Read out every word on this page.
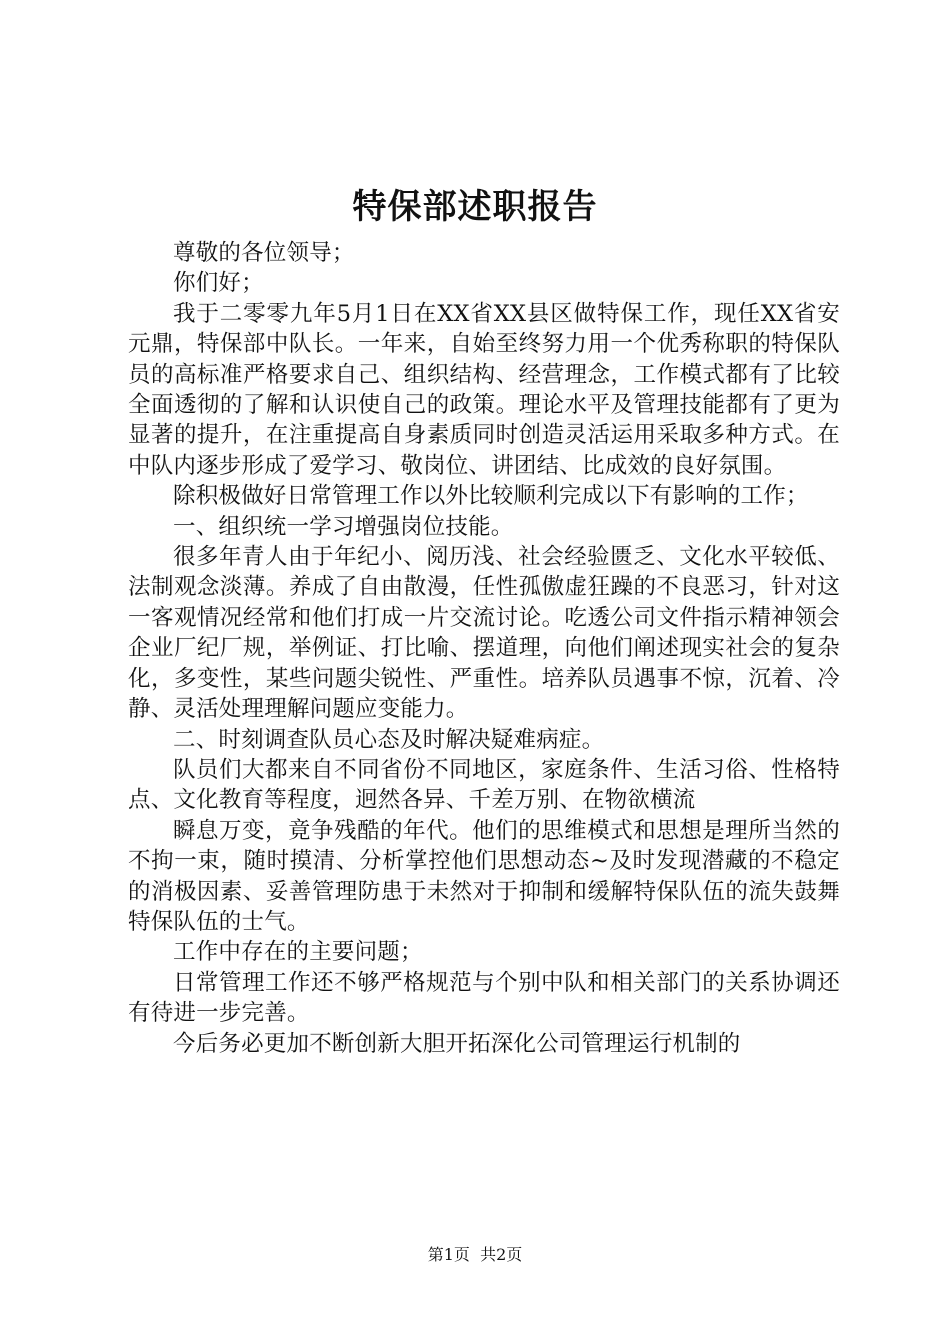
特保部述职报告

尊敬的各位领导；

你们好；

我于二零零九年5月1日在XX省XX县区做特保工作，现任XX省安元鼎，特保部中队长。一年来，自始至终努力用一个优秀称职的特保队员的高标准严格要求自己、组织结构、经营理念，工作模式都有了比较全面透彻的了解和认识使自己的政策。理论水平及管理技能都有了更为显著的提升，在注重提高自身素质同时创造灵活运用采取多种方式。在中队内逐步形成了爱学习、敬岗位、讲团结、比成效的良好氛围。

除积极做好日常管理工作以外比较顺利完成以下有影响的工作；

一、组织统一学习增强岗位技能。

很多年青人由于年纪小、阅历浅、社会经验匮乏、文化水平较低、法制观念淡薄。养成了自由散漫，任性孤傲虚狂躁的不良恶习，针对这一客观情况经常和他们打成一片交流讨论。吃透公司文件指示精神领会企业厂纪厂规，举例证、打比喻、摆道理，向他们阐述现实社会的复杂化，多变性，某些问题尖锐性、严重性。培养队员遇事不惊，沉着、冷静、灵活处理理解问题应变能力。

二、时刻调查队员心态及时解决疑难病症。

队员们大都来自不同省份不同地区，家庭条件、生活习俗、性格特点、文化教育等程度，迥然各异、千差万别、在物欲横流

瞬息万变，竟争残酷的年代。他们的思维模式和思想是理所当然的不拘一束，随时摸清、分析掌控他们思想动态~及时发现潜藏的不稳定的消极因素、妥善管理防患于未然对于抑制和缓解特保队伍的流失鼓舞特保队伍的士气。

工作中存在的主要问题；

日常管理工作还不够严格规范与个别中队和相关部门的关系协调还有待进一步完善。

今后务必更加不断创新大胆开拓深化公司管理运行机制的

第1页 共2页
